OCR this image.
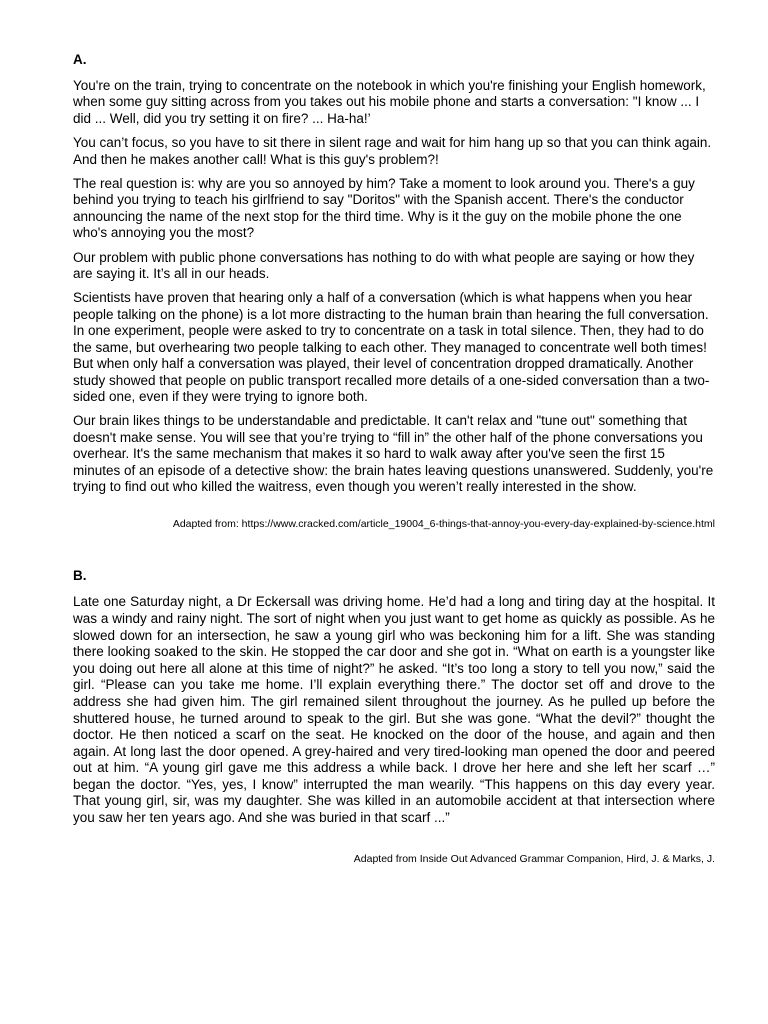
A.

You're on the train, trying to concentrate on the notebook in which you're finishing your English homework, when some guy sitting across from you takes out his mobile phone and starts a conversation: "I know ... I did ... Well, did you try setting it on fire? ... Ha-ha!’

You can’t focus, so you have to sit there in silent rage and wait for him hang up so that you can think again. And then he makes another call! What is this guy's problem?!

The real question is: why are you so annoyed by him? Take a moment to look around you. There's a guy behind you trying to teach his girlfriend to say "Doritos" with the Spanish accent. There's the conductor announcing the name of the next stop for the third time. Why is it the guy on the mobile phone the one who's annoying you the most?

Our problem with public phone conversations has nothing to do with what people are saying or how they are saying it. It’s all in our heads.

Scientists have proven that hearing only a half of a conversation (which is what happens when you hear people talking on the phone) is a lot more distracting to the human brain than hearing the full conversation. In one experiment, people were asked to try to concentrate on a task in total silence. Then, they had to do the same, but overhearing two people talking to each other. They managed to concentrate well both times! But when only half a conversation was played, their level of concentration dropped dramatically. Another study showed that people on public transport recalled more details of a one-sided conversation than a two-sided one, even if they were trying to ignore both.

Our brain likes things to be understandable and predictable. It can't relax and "tune out" something that doesn't make sense. You will see that you’re trying to “fill in” the other half of the phone conversations you overhear. It's the same mechanism that makes it so hard to walk away after you've seen the first 15 minutes of an episode of a detective show: the brain hates leaving questions unanswered. Suddenly, you're trying to find out who killed the waitress, even though you weren’t really interested in the show.

Adapted from: https://www.cracked.com/article_19004_6-things-that-annoy-you-every-day-explained-by-science.html

B.

Late one Saturday night, a Dr Eckersall was driving home. He’d had a long and tiring day at the hospital. It was a windy and rainy night. The sort of night when you just want to get home as quickly as possible. As he slowed down for an intersection, he saw a young girl who was beckoning him for a lift. She was standing there looking soaked to the skin. He stopped the car door and she got in. “What on earth is a youngster like you doing out here all alone at this time of night?” he asked. “It’s too long a story to tell you now,” said the girl. “Please can you take me home. I’ll explain everything there.” The doctor set off and drove to the address she had given him. The girl remained silent throughout the journey. As he pulled up before the shuttered house, he turned around to speak to the girl. But she was gone. “What the devil?” thought the doctor. He then noticed a scarf on the seat. He knocked on the door of the house, and again and then again. At long last the door opened. A grey-haired and very tired-looking man opened the door and peered out at him. “A young girl gave me this address a while back. I drove her here and she left her scarf …” began the doctor. “Yes, yes, I know” interrupted the man wearily. “This happens on this day every year. That young girl, sir, was my daughter. She was killed in an automobile accident at that intersection where you saw her ten years ago. And she was buried in that scarf ...”

Adapted from Inside Out Advanced Grammar Companion, Hird, J. & Marks, J.
